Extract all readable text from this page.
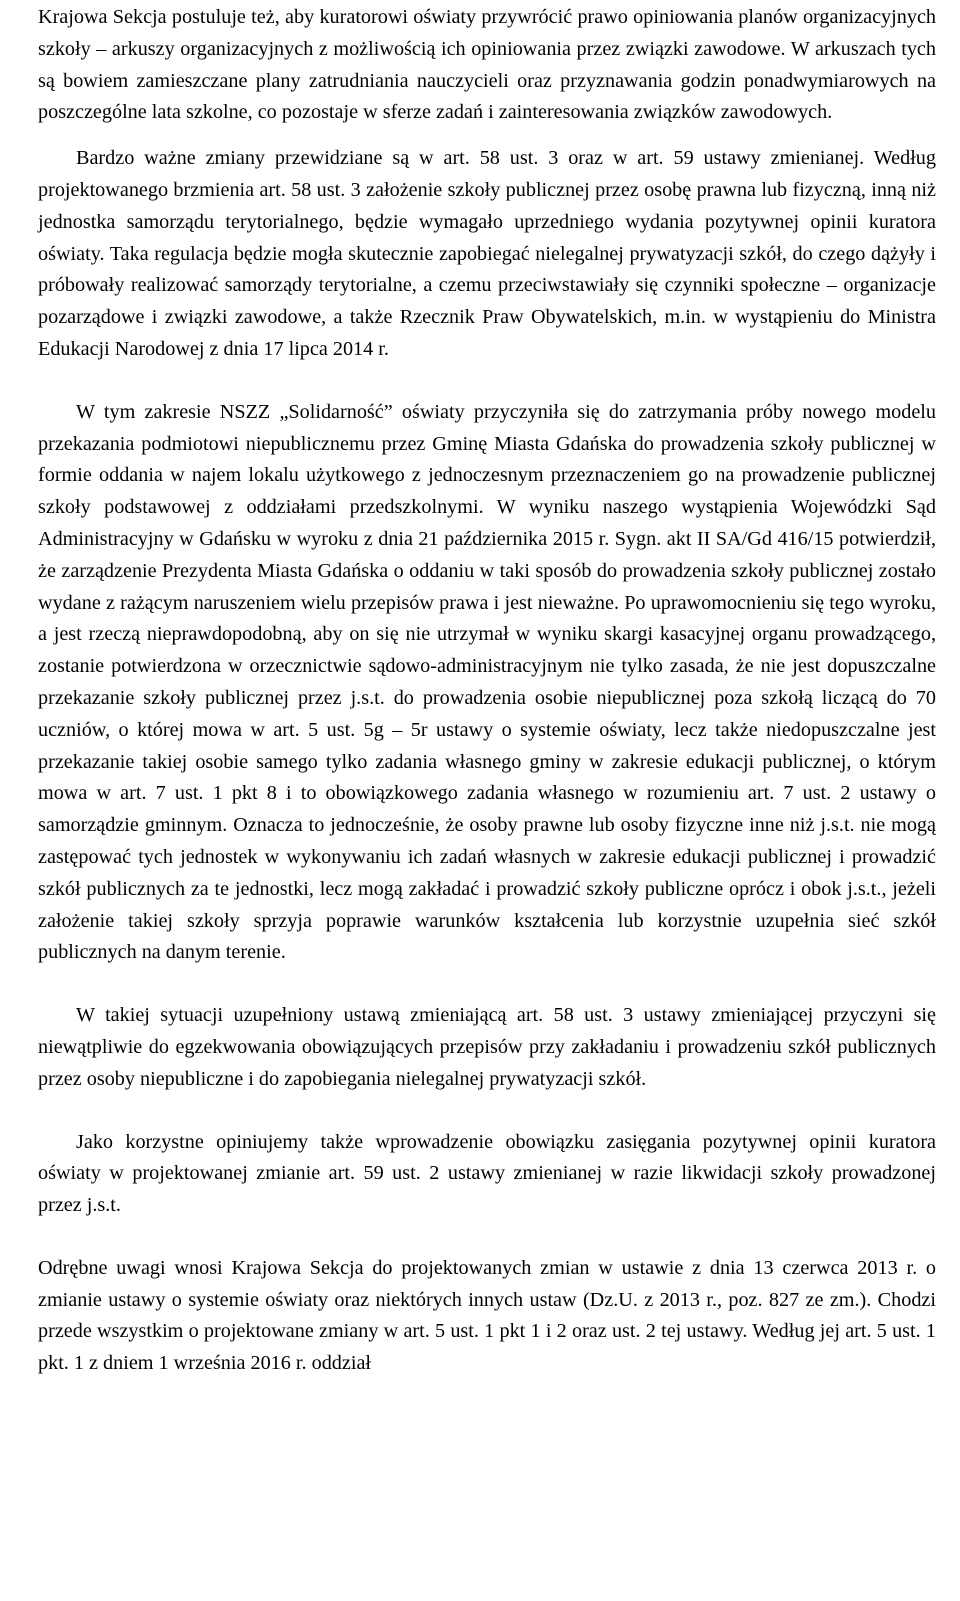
Krajowa Sekcja postuluje też, aby kuratorowi oświaty przywrócić prawo opiniowania planów organizacyjnych szkoły – arkuszy organizacyjnych z możliwością ich opiniowania przez związki zawodowe. W arkuszach tych są bowiem zamieszczane plany zatrudniania nauczycieli oraz przyznawania godzin ponadwymiarowych na poszczególne lata szkolne, co pozostaje w sferze zadań i zainteresowania związków zawodowych.

Bardzo ważne zmiany przewidziane są w art. 58 ust. 3 oraz w art. 59 ustawy zmienianej. Według projektowanego brzmienia art. 58 ust. 3 założenie szkoły publicznej przez osobę prawna lub fizyczną, inną niż jednostka samorządu terytorialnego, będzie wymagało uprzedniego wydania pozytywnej opinii kuratora oświaty. Taka regulacja będzie mogła skutecznie zapobiegać nielegalnej prywatyzacji szkół, do czego dążyły i próbowały realizować samorządy terytorialne, a czemu przeciwstawiały się czynniki społeczne – organizacje pozarządowe i związki zawodowe, a także Rzecznik Praw Obywatelskich, m.in. w wystąpieniu do Ministra Edukacji Narodowej z dnia 17 lipca 2014 r.

W tym zakresie NSZZ „Solidarność” oświaty przyczyniła się do zatrzymania próby nowego modelu przekazania podmiotowi niepublicznemu przez Gminę Miasta Gdańska do prowadzenia szkoły publicznej w formie oddania w najem lokalu użytkowego z jednoczesnym przeznaczeniem go na prowadzenie publicznej szkoły podstawowej z oddziałami przedszkolnymi. W wyniku naszego wystąpienia Wojewódzki Sąd Administracyjny w Gdańsku w wyroku z dnia 21 października 2015 r. Sygn. akt II SA/Gd 416/15 potwierdził, że zarządzenie Prezydenta Miasta Gdańska o oddaniu w taki sposób do prowadzenia szkoły publicznej zostało wydane z rażącym naruszeniem wielu przepisów prawa i jest nieważne. Po uprawomocnieniu się tego wyroku, a jest rzeczą nieprawdopodobną, aby on się nie utrzymał w wyniku skargi kasacyjnej organu prowadzącego, zostanie potwierdzona w orzecznictwie sądowo-administracyjnym nie tylko zasada, że nie jest dopuszczalne przekazanie szkoły publicznej przez j.s.t. do prowadzenia osobie niepublicznej poza szkołą liczącą do 70 uczniów, o której mowa w art. 5 ust. 5g – 5r ustawy o systemie oświaty, lecz także niedopuszczalne jest przekazanie takiej osobie samego tylko zadania własnego gminy w zakresie edukacji publicznej, o którym mowa w art. 7 ust. 1 pkt 8 i to obowiązkowego zadania własnego w rozumieniu art. 7 ust. 2 ustawy o samorządzie gminnym. Oznacza to jednocześnie, że osoby prawne lub osoby fizyczne inne niż j.s.t. nie mogą zastępować tych jednostek w wykonywaniu ich zadań własnych w zakresie edukacji publicznej i prowadzić szkół publicznych za te jednostki, lecz mogą zakładać i prowadzić szkoły publiczne oprócz i obok j.s.t., jeżeli założenie takiej szkoły sprzyja poprawie warunków kształcenia lub korzystnie uzupełnia sieć szkół publicznych na danym terenie.

W takiej sytuacji uzupełniony ustawą zmieniającą art. 58 ust. 3 ustawy zmieniającej przyczyni się niewątpliwie do egzekwowania obowiązujących przepisów przy zakładaniu i prowadzeniu szkół publicznych przez osoby niepubliczne i do zapobiegania nielegalnej prywatyzacji szkół.

Jako korzystne opiniujemy także wprowadzenie obowiązku zasięgania pozytywnej opinii kuratora oświaty w projektowanej zmianie art. 59 ust. 2 ustawy zmienianej w razie likwidacji szkoły prowadzonej przez j.s.t.

Odrębne uwagi wnosi Krajowa Sekcja do projektowanych zmian w ustawie z dnia 13 czerwca 2013 r. o zmianie ustawy o systemie oświaty oraz niektórych innych ustaw (Dz.U. z 2013 r., poz. 827 ze zm.). Chodzi przede wszystkim o projektowane zmiany w art. 5 ust. 1 pkt 1 i 2 oraz ust. 2 tej ustawy. Według jej art. 5 ust. 1 pkt. 1 z dniem 1 września 2016 r. oddział
